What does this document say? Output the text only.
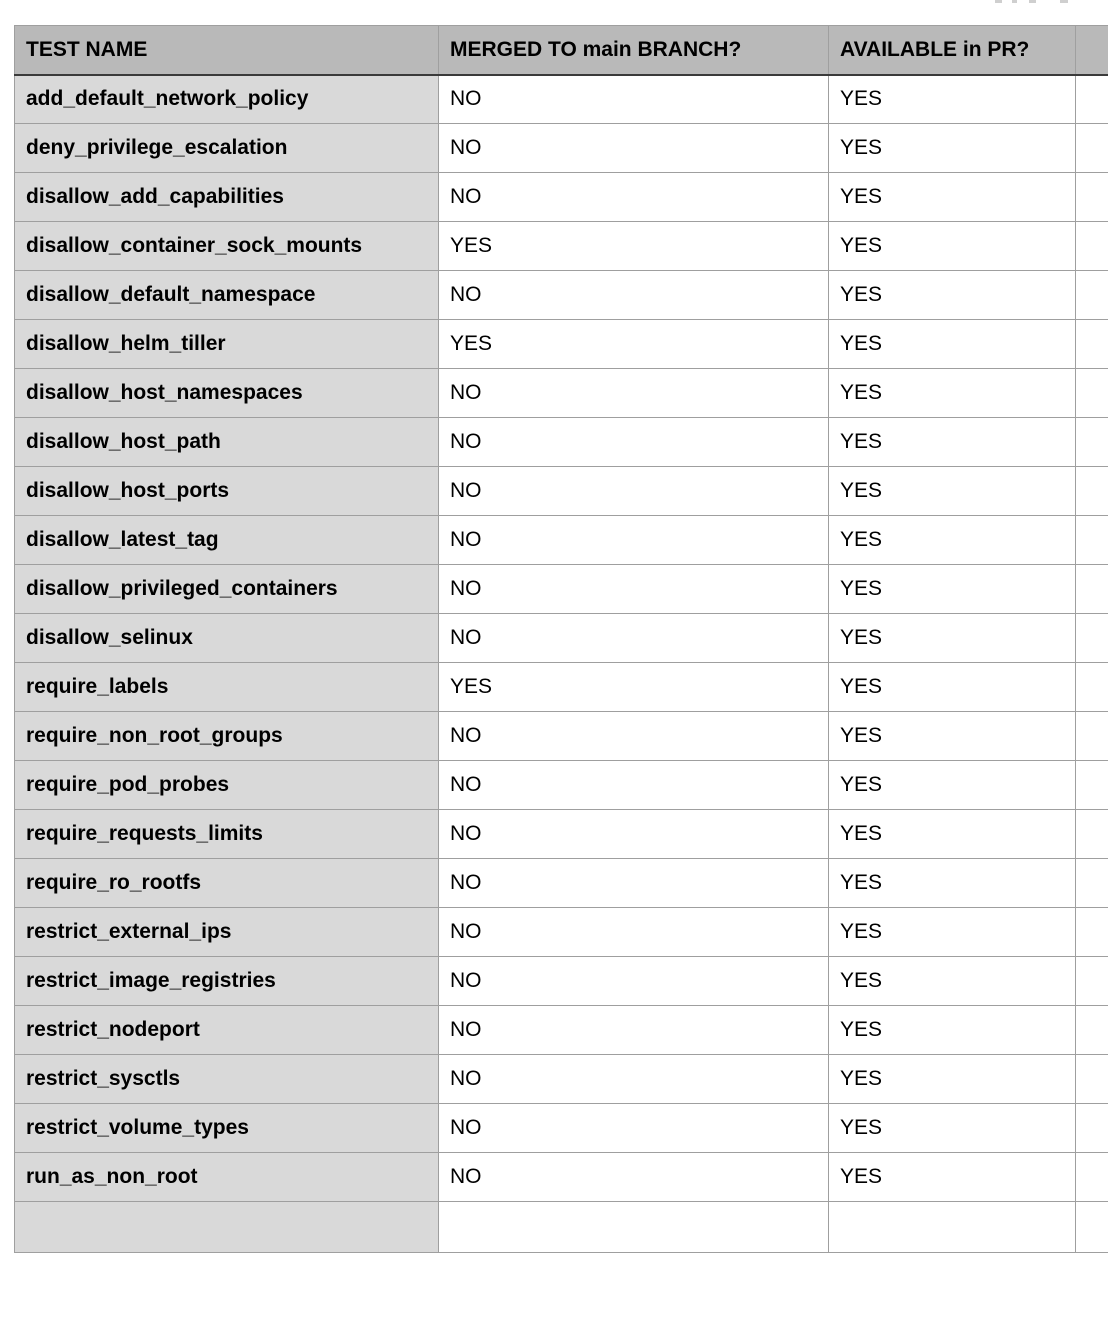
TEST NAME	MERGED TO main BRANCH?	AVAILABLE in PR?	
add_default_network_policy	NO	YES	
deny_privilege_escalation	NO	YES	
disallow_add_capabilities	NO	YES	
disallow_container_sock_mounts	YES	YES	
disallow_default_namespace	NO	YES	
disallow_helm_tiller	YES	YES	
disallow_host_namespaces	NO	YES	
disallow_host_path	NO	YES	
disallow_host_ports	NO	YES	
disallow_latest_tag	NO	YES	
disallow_privileged_containers	NO	YES	
disallow_selinux	NO	YES	
require_labels	YES	YES	
require_non_root_groups	NO	YES	
require_pod_probes	NO	YES	
require_requests_limits	NO	YES	
require_ro_rootfs	NO	YES	
restrict_external_ips	NO	YES	
restrict_image_registries	NO	YES	
restrict_nodeport	NO	YES	
restrict_sysctls	NO	YES	
restrict_volume_types	NO	YES	
run_as_non_root	NO	YES	
